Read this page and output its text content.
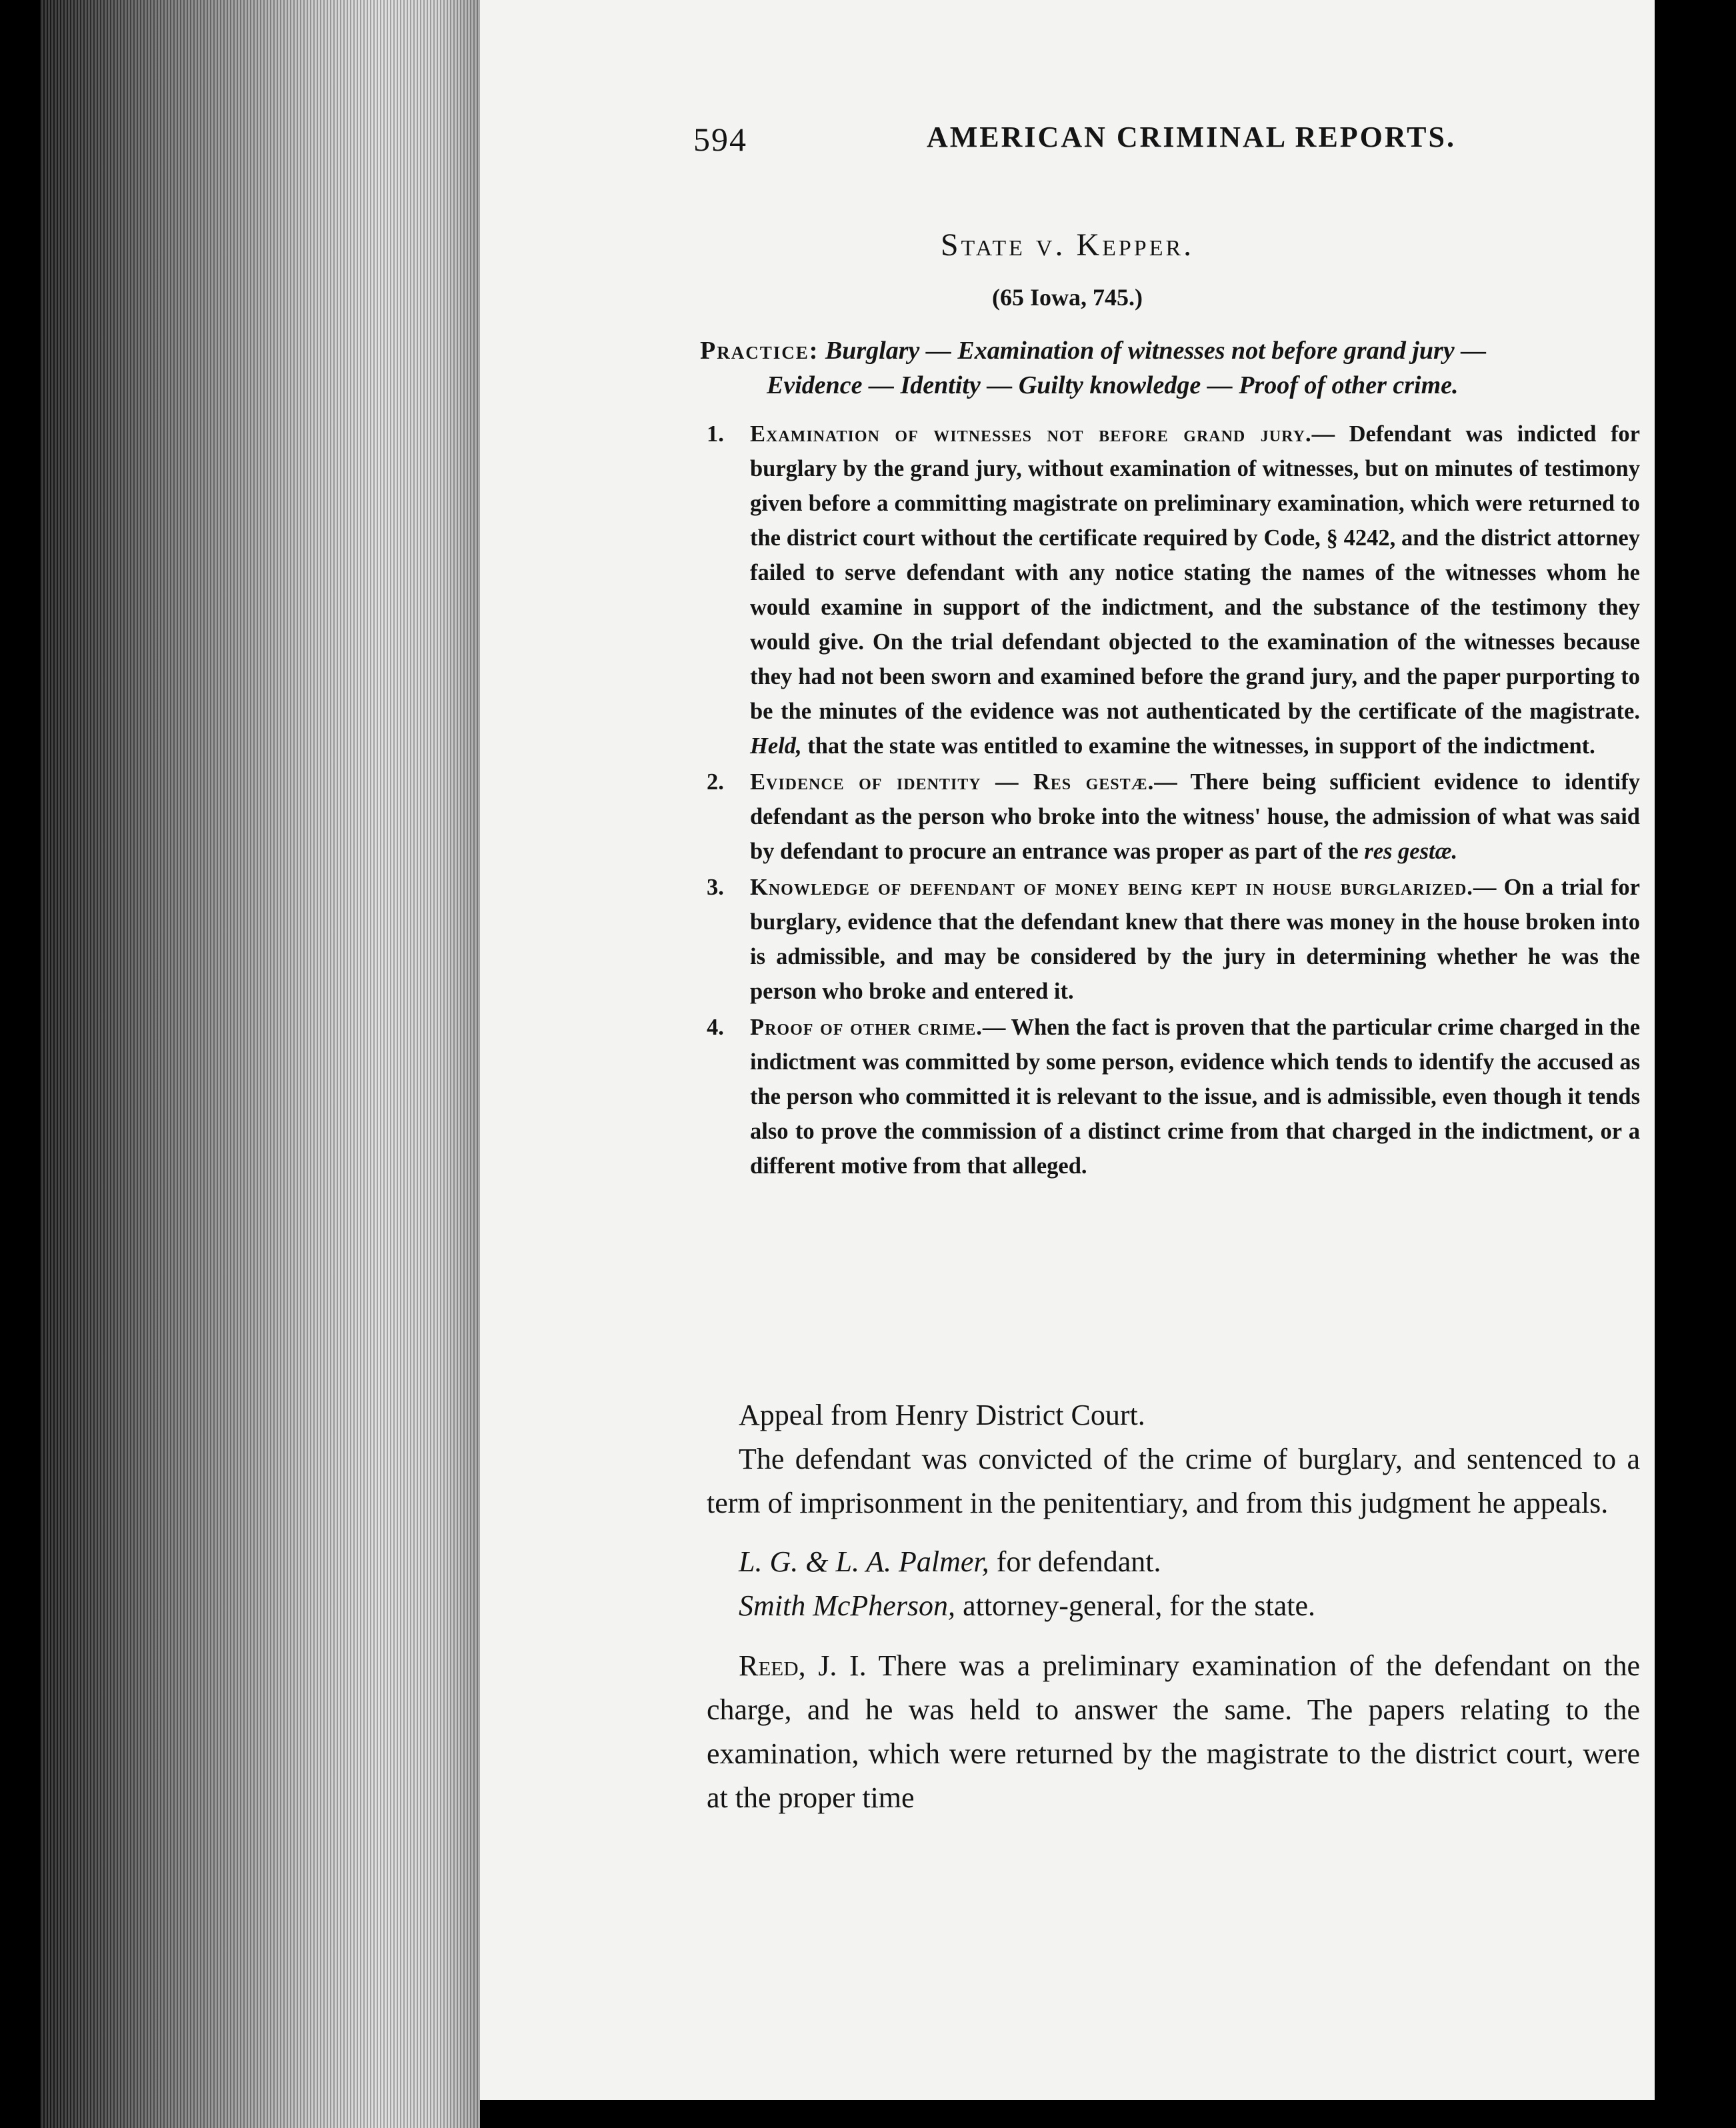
594	AMERICAN CRIMINAL REPORTS.
State v. Kepper.
(65 Iowa, 745.)
Practice: Burglary — Examination of witnesses not before grand jury —
Evidence — Identity — Guilty knowledge — Proof of other crime.

1. Examination of witnesses not before grand jury.— Defendant was indicted for burglary by the grand jury, without examination of witnesses, but on minutes of testimony given before a committing magistrate on preliminary examination, which were returned to the district court without the certificate required by Code, § 4242, and the district attorney failed to serve defendant with any notice stating the names of the witnesses whom he would examine in support of the indictment, and the substance of the testimony they would give. On the trial defendant objected to the examination of the witnesses because they had not been sworn and examined before the grand jury, and the paper purporting to be the minutes of the evidence was not authenticated by the certificate of the magistrate. Held, that the state was entitled to examine the witnesses, in support of the indictment.

2. Evidence of identity — Res gestæ.— There being sufficient evidence to identify defendant as the person who broke into the witness' house, the admission of what was said by defendant to procure an entrance was proper as part of the res gestæ.

3. Knowledge of defendant of money being kept in house burglarized.— On a trial for burglary, evidence that the defendant knew that there was money in the house broken into is admissible, and may be considered by the jury in determining whether he was the person who broke and entered it.

4. Proof of other crime.— When the fact is proven that the particular crime charged in the indictment was committed by some person, evidence which tends to identify the accused as the person who committed it is relevant to the issue, and is admissible, even though it tends also to prove the commission of a distinct crime from that charged in the indictment, or a different motive from that alleged.

Appeal from Henry District Court.

The defendant was convicted of the crime of burglary, and sentenced to a term of imprisonment in the penitentiary, and from this judgment he appeals.

L. G. & L. A. Palmer, for defendant.
Smith McPherson, attorney-general, for the state.

Reed, J. I. There was a preliminary examination of the defendant on the charge, and he was held to answer the same. The papers relating to the examination, which were returned by the magistrate to the district court, were at the proper time
